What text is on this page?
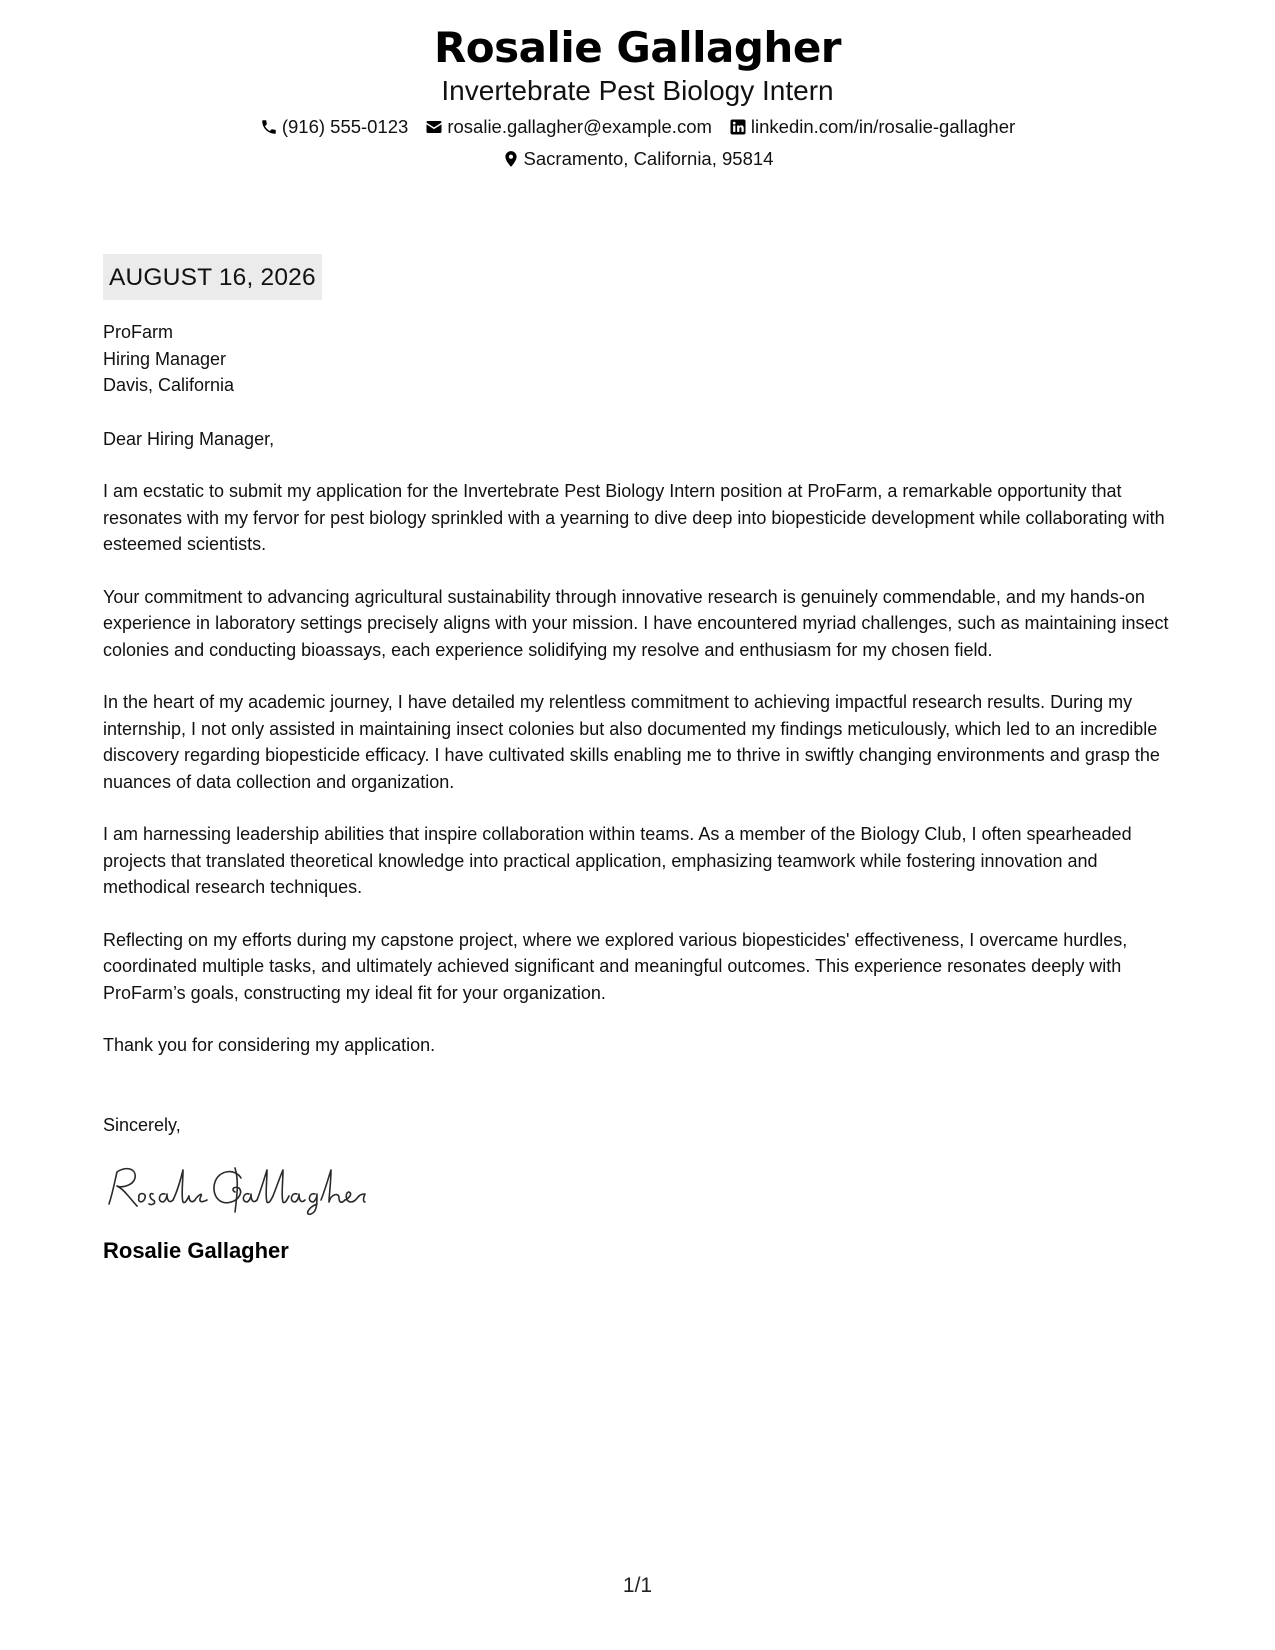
Rosalie Gallagher
Invertebrate Pest Biology Intern
(916) 555-0123 rosalie.gallagher@example.com linkedin.com/in/rosalie-gallagher
Sacramento, California, 95814
AUGUST 16, 2026
ProFarm
Hiring Manager
Davis, California
Dear Hiring Manager,
I am ecstatic to submit my application for the Invertebrate Pest Biology Intern position at ProFarm, a remarkable opportunity that resonates with my fervor for pest biology sprinkled with a yearning to dive deep into biopesticide development while collaborating with esteemed scientists.
Your commitment to advancing agricultural sustainability through innovative research is genuinely commendable, and my hands-on experience in laboratory settings precisely aligns with your mission. I have encountered myriad challenges, such as maintaining insect colonies and conducting bioassays, each experience solidifying my resolve and enthusiasm for my chosen field.
In the heart of my academic journey, I have detailed my relentless commitment to achieving impactful research results. During my internship, I not only assisted in maintaining insect colonies but also documented my findings meticulously, which led to an incredible discovery regarding biopesticide efficacy. I have cultivated skills enabling me to thrive in swiftly changing environments and grasp the nuances of data collection and organization.
I am harnessing leadership abilities that inspire collaboration within teams. As a member of the Biology Club, I often spearheaded projects that translated theoretical knowledge into practical application, emphasizing teamwork while fostering innovation and methodical research techniques.
Reflecting on my efforts during my capstone project, where we explored various biopesticides' effectiveness, I overcame hurdles, coordinated multiple tasks, and ultimately achieved significant and meaningful outcomes. This experience resonates deeply with ProFarm’s goals, constructing my ideal fit for your organization.
Thank you for considering my application.
Sincerely,
Rosalie Gallagher
1/1
